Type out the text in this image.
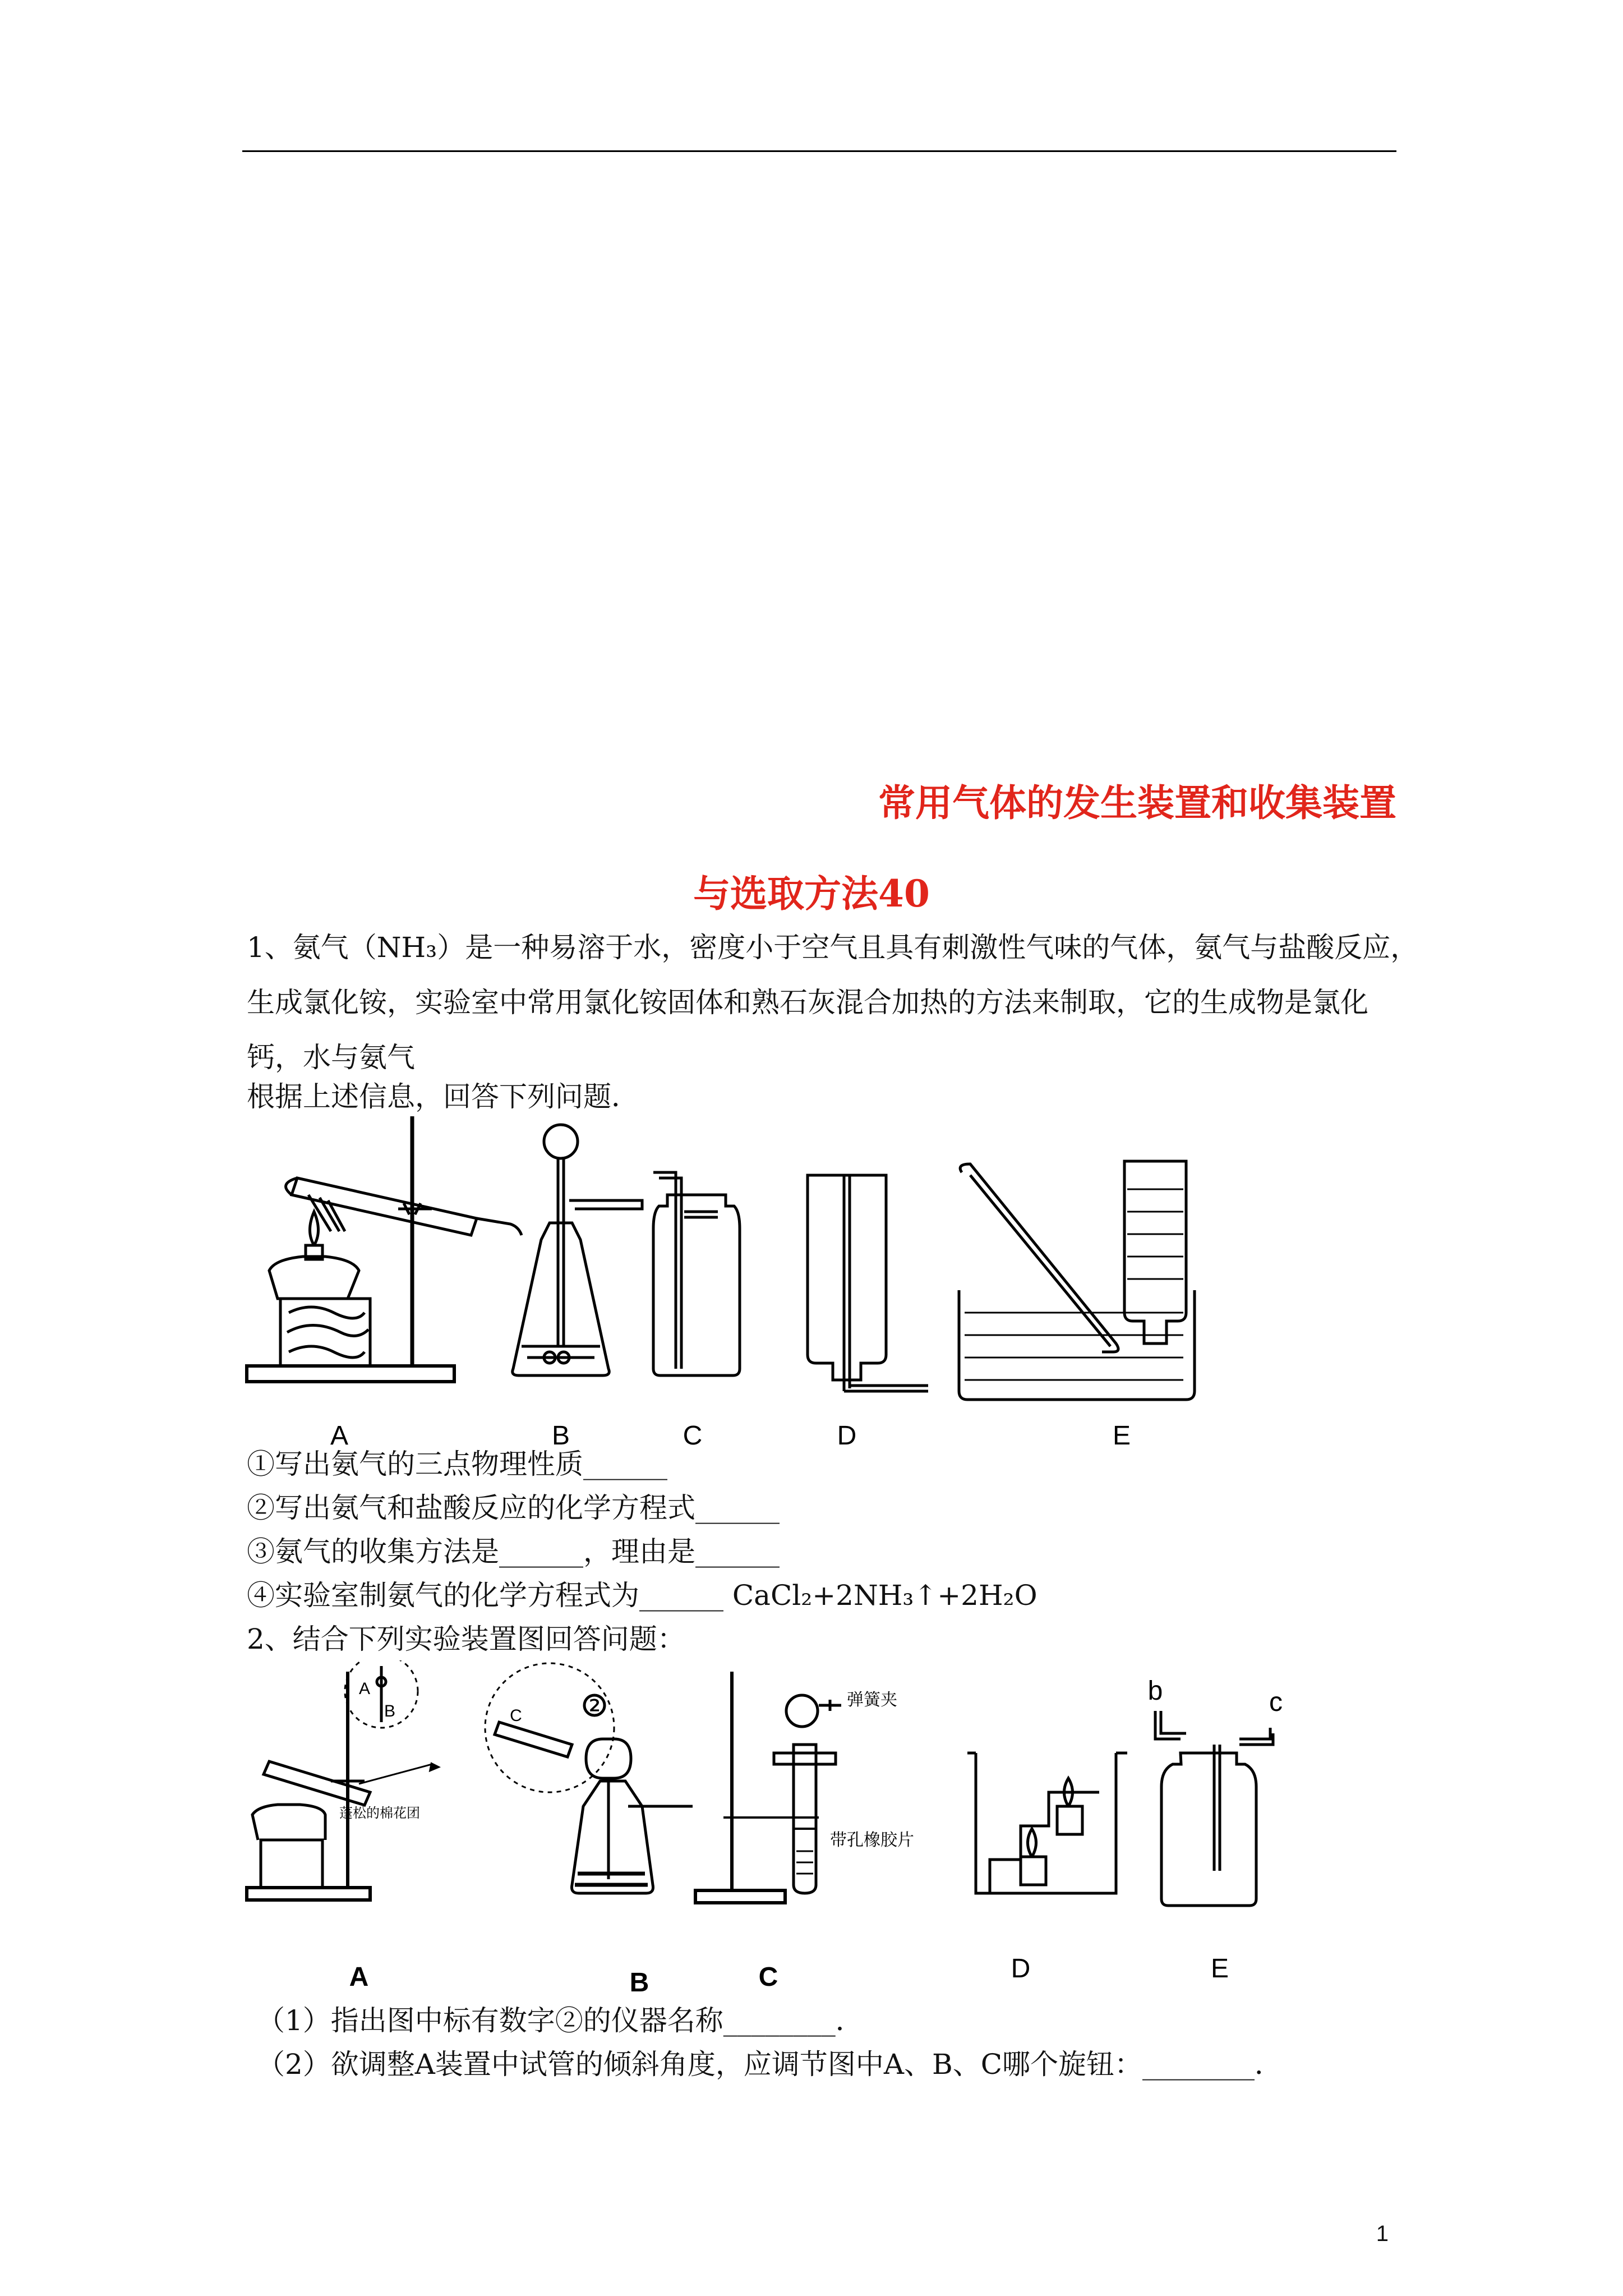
常用气体的发生装置和收集装置
与选取方法40
1、氨气（NH₃）是一种易溶于水，密度小于空气且具有刺激性气味的气体，氨气与盐酸反应，
生成氯化铵，实验室中常用氯化铵固体和熟石灰混合加热的方法来制取，它的生成物是氯化
钙，水与氨气
根据上述信息，回答下列问题．
A	B	C	D	E
①写出氨气的三点物理性质______
②写出氨气和盐酸反应的化学方程式______
③氨气的收集方法是______，理由是______
④实验室制氨气的化学方程式为______ CaCl₂+2NH₃↑+2H₂O
2、结合下列实验装置图回答问题：
②
A
B	C
弹簧夹
带孔橡胶片
蓬松的棉花团
b	c
A	B	C	D	E
（1）指出图中标有数字②的仪器名称________．
（2）欲调整A装置中试管的倾斜角度，应调节图中A、B、C哪个旋钮：________．
1
